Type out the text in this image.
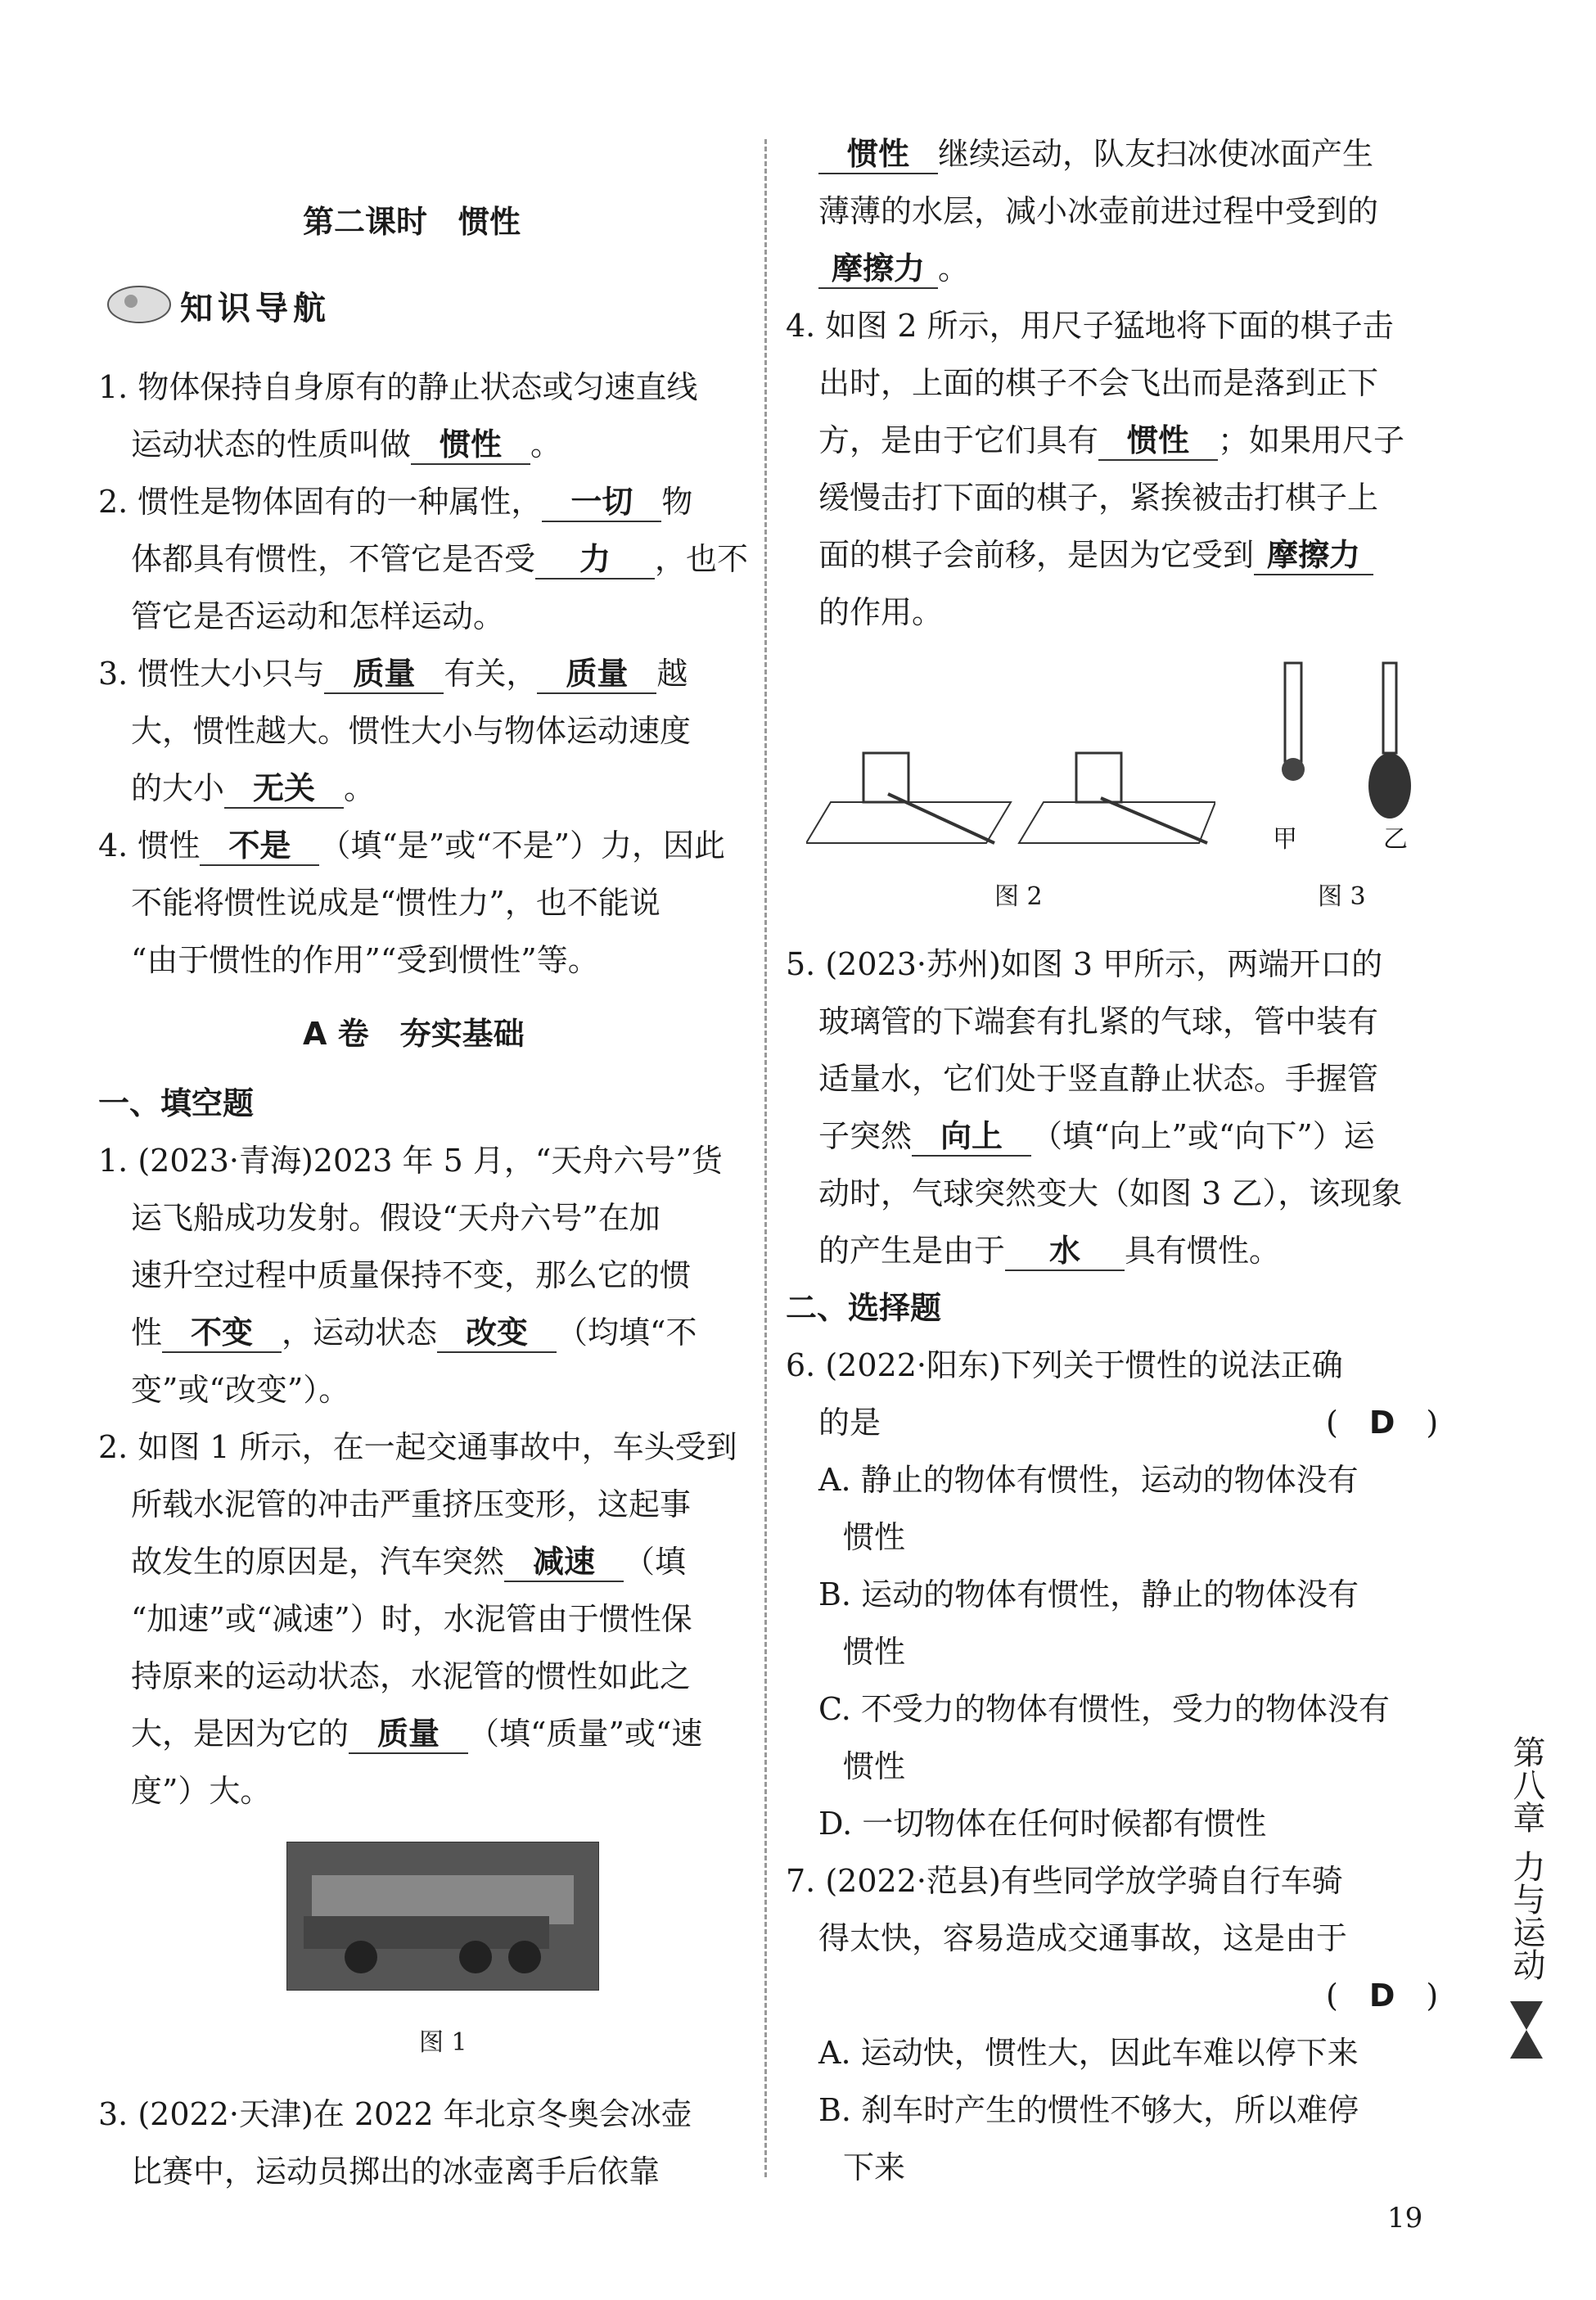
第二课时　惯性
知识导航
1. 物体保持自身原有的静止状态或匀速直线
运动状态的性质叫做 惯性 。
2. 惯性是物体固有的一种属性， 一切 物
体都具有惯性，不管它是否受 力 ，也不
管它是否运动和怎样运动。
3. 惯性大小只与 质量 有关， 质量 越
大，惯性越大。惯性大小与物体运动速度
的大小 无关 。
4. 惯性 不是 （填“是”或“不是”）力，因此
不能将惯性说成是“惯性力”，也不能说
“由于惯性的作用”“受到惯性”等。
A 卷　夯实基础
一、填空题
1. (2023·青海)2023 年 5 月，“天舟六号”货
运飞船成功发射。假设“天舟六号”在加
速升空过程中质量保持不变，那么它的惯
性 不变 ，运动状态 改变 （均填“不
变”或“改变”）。
2. 如图 1 所示，在一起交通事故中，车头受到
所载水泥管的冲击严重挤压变形，这起事
故发生的原因是，汽车突然 减速 （填
“加速”或“减速”）时，水泥管由于惯性保
持原来的运动状态，水泥管的惯性如此之
大，是因为它的 质量 （填“质量”或“速
度”）大。
3. (2022·天津)在 2022 年北京冬奥会冰壶
比赛中，运动员掷出的冰壶离手后依靠
惯性 继续运动，队友扫冰使冰面产生
薄薄的水层，减小冰壶前进过程中受到的
摩擦力 。
4. 如图 2 所示，用尺子猛地将下面的棋子击
出时，上面的棋子不会飞出而是落到正下
方，是由于它们具有 惯性 ；如果用尺子
缓慢击打下面的棋子，紧挨被击打棋子上
面的棋子会前移，是因为它受到 摩擦力
的作用。
5. (2023·苏州)如图 3 甲所示，两端开口的
玻璃管的下端套有扎紧的气球，管中装有
适量水，它们处于竖直静止状态。手握管
子突然 向上 （填“向上”或“向下”）运
动时，气球突然变大（如图 3 乙），该现象
的产生是由于 水 具有惯性。
二、选择题
6. (2022·阳东)下列关于惯性的说法正确
的是	(　D　)
A. 静止的物体有惯性，运动的物体没有
惯性
B. 运动的物体有惯性，静止的物体没有
惯性
C. 不受力的物体有惯性，受力的物体没有
惯性
D. 一切物体在任何时候都有惯性
7. (2022·范县)有些同学放学骑自行车骑
得太快，容易造成交通事故，这是由于
(　D　)
A. 运动快，惯性大，因此车难以停下来
B. 刹车时产生的惯性不够大，所以难停
下来
图 1
图 2
甲	乙
图 3
第八章
力与运动
19
